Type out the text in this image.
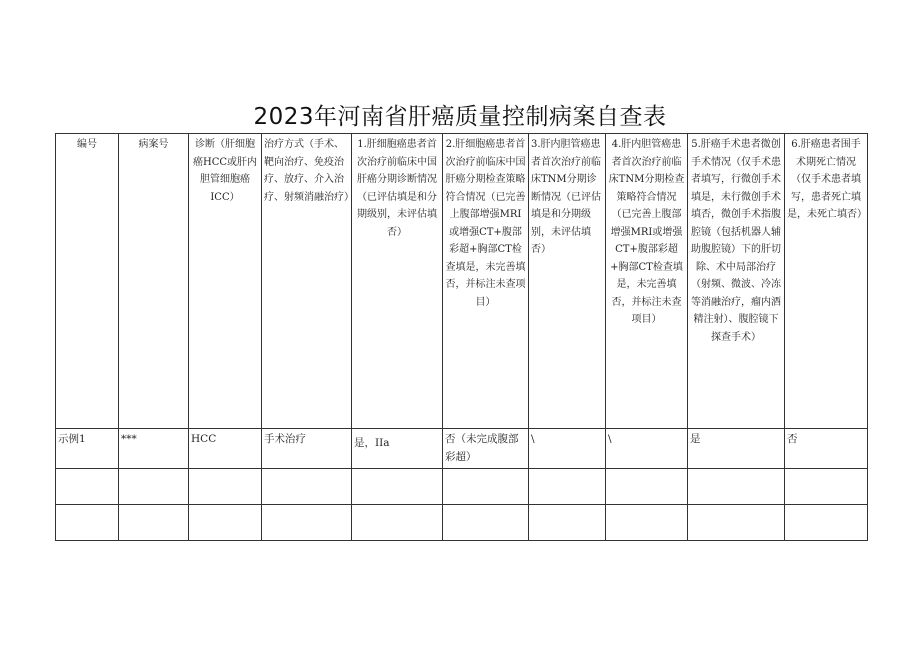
2023年河南省肝癌质量控制病案自查表
编号	病案号	诊断（肝细胞癌HCC或肝内胆管细胞癌ICC）	治疗方式（手术、靶向治疗、免疫治疗、放疗、介入治疗、射频消融治疗）	1.肝细胞癌患者首次治疗前临床中国肝癌分期诊断情况（已评估填是和分期级别，未评估填否）	2.肝细胞癌患者首次治疗前临床中国肝癌分期检查策略符合情况（已完善上腹部增强MRI或增强CT+腹部彩超+胸部CT检查填是，未完善填否，并标注未查项目）	3.肝内胆管癌患者首次治疗前临床TNM分期诊断情况（已评估填是和分期级别，未评估填否）	4.肝内胆管癌患者首次治疗前临床TNM分期检查策略符合情况（已完善上腹部增强MRI或增强CT+腹部彩超+胸部CT检查填是，未完善填否，并标注未查项目）	5.肝癌手术患者微创手术情况（仅手术患者填写，行微创手术填是，未行微创手术填否，微创手术指腹腔镜（包括机器人辅助腹腔镜）下的肝切除、术中局部治疗（射频、微波、冷冻等消融治疗，瘤内酒精注射）、腹腔镜下探查手术）	6.肝癌患者围手术期死亡情况（仅手术患者填写，患者死亡填是，未死亡填否）
示例1	***	HCC	手术治疗	是，IIa	否（未完成腹部彩超）	\	\	是	否
